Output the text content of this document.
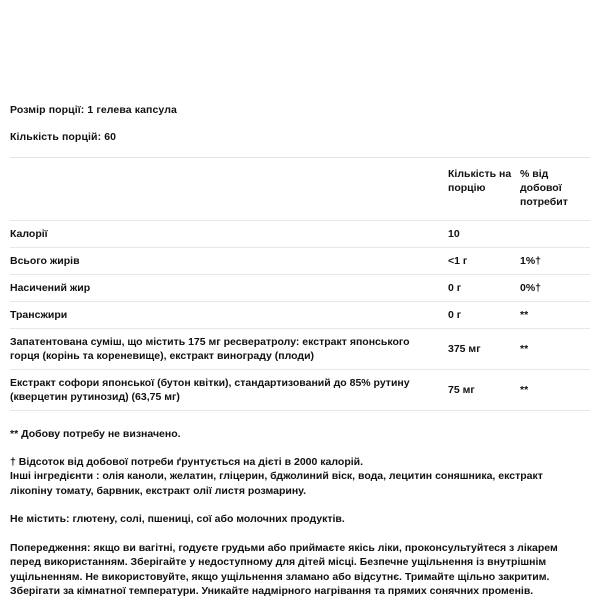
Розмір порції: 1 гелева капсула

Кількість порцій: 60

	Кількість на порцію	% від добової потребит
Калорії	10	
Всього жирів	<1 г	1%†
Насичений жир	0 г	0%†
Трансжири	0 г	**
Запатентована суміш, що містить 175 мг ресвератролу: екстракт японського горця (корінь та кореневище), екстракт винограду (плоди)	375 мг	**
Екстракт софори японської (бутон квітки), стандартизований до 85% рутину (кверцетин рутинозид) (63,75 мг)	75 мг	**

** Добову потребу не визначено.

† Відсоток від добової потреби ґрунтується на дієті в 2000 калорій.

Інші інгредієнти : олія каноли, желатин, гліцерин, бджолиний віск, вода, лецитин соняшника, екстракт лікопіну томату, барвник, екстракт олії листя розмарину.

Не містить: глютену, солі, пшениці, сої або молочних продуктів.

Попередження: якщо ви вагітні, годуєте грудьми або приймаєте якісь ліки, проконсультуйтеся з лікарем перед використанням. Зберігайте у недоступному для дітей місці. Безпечне ущільнення із внутрішнім ущільненням. Не використовуйте, якщо ущільнення зламано або відсутнє. Тримайте щільно закритим. Зберігати за кімнатної температури. Уникайте надмірного нагрівання та прямих сонячних променів.
